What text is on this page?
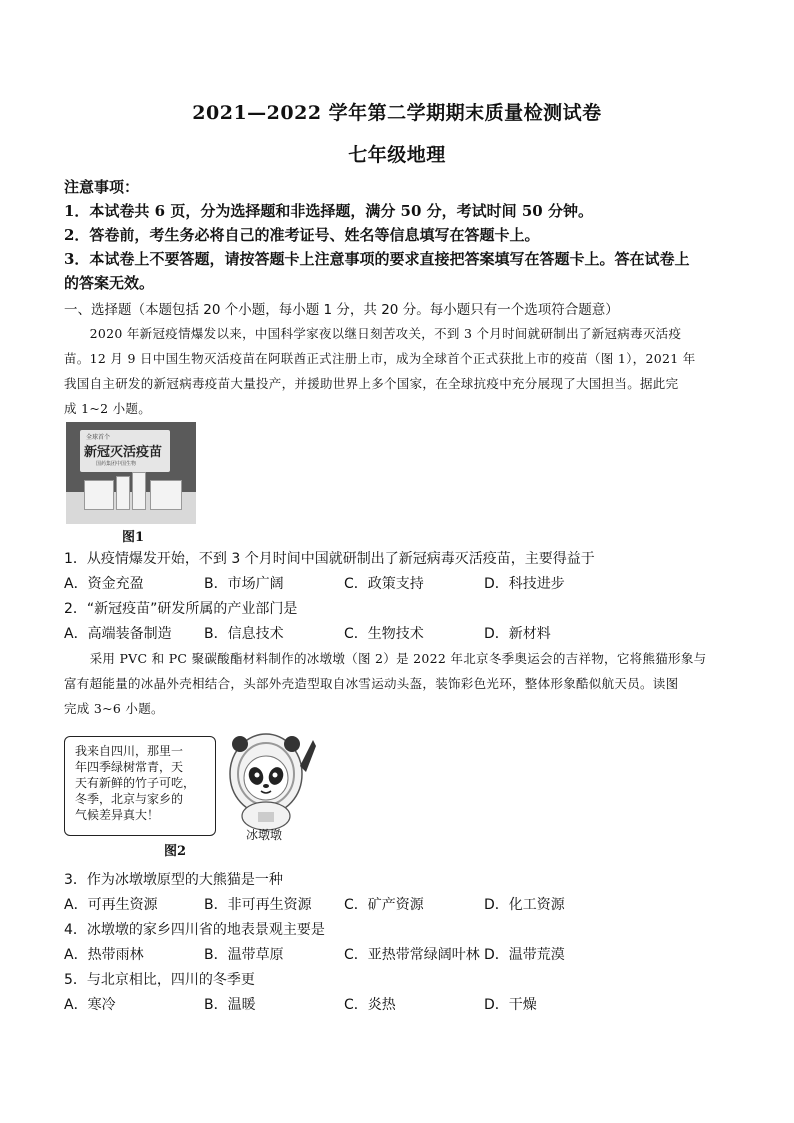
2021—2022 学年第二学期期末质量检测试卷
七年级地理
注意事项：
1．本试卷共 6 页，分为选择题和非选择题，满分 50 分，考试时间 50 分钟。
2．答卷前，考生务必将自己的准考证号、姓名等信息填写在答题卡上。
3．本试卷上不要答题，请按答题卡上注意事项的要求直接把答案填写在答题卡上。答在试卷上
的答案无效。
一、选择题（本题包括 20 个小题，每小题 1 分，共 20 分。每小题只有一个选项符合题意）
　　2020 年新冠疫情爆发以来，中国科学家夜以继日刻苦攻关，不到 3 个月时间就研制出了新冠病毒灭活疫
苗。12 月 9 日中国生物灭活疫苗在阿联酋正式注册上市，成为全球首个正式获批上市的疫苗（图 1），2021 年
我国自主研发的新冠病毒疫苗大量投产，并援助世界上多个国家，在全球抗疫中充分展现了大国担当。据此完
成 1~2 小题。
全球首个
新冠灭活疫苗
国药集团中国生物
图1
1．从疫情爆发开始，不到 3 个月时间中国就研制出了新冠病毒灭活疫苗，主要得益于
A．资金充盈	B．市场广阔	C．政策支持	D．科技进步
2．“新冠疫苗”研发所属的产业部门是
A．高端装备制造 B．信息技术	C．生物技术	D．新材料
　　采用 PVC 和 PC 聚碳酸酯材料制作的冰墩墩（图 2）是 2022 年北京冬季奥运会的吉祥物，它将熊猫形象与
富有超能量的冰晶外壳相结合，头部外壳造型取自冰雪运动头盔，装饰彩色光环，整体形象酷似航天员。读图
完成 3~6 小题。
我来自四川，那里一
年四季绿树常青，天
天有新鲜的竹子可吃，
冬季，北京与家乡的
气候差异真大！
冰墩墩
图2
3．作为冰墩墩原型的大熊猫是一种
A．可再生资源	B．非可再生资源 C．矿产资源	D．化工资源
4．冰墩墩的家乡四川省的地表景观主要是
A．热带雨林	B．温带草原	C．亚热带常绿阔叶林 D．温带荒漠
5．与北京相比，四川的冬季更
A．寒冷	B．温暖	C．炎热	D．干燥
